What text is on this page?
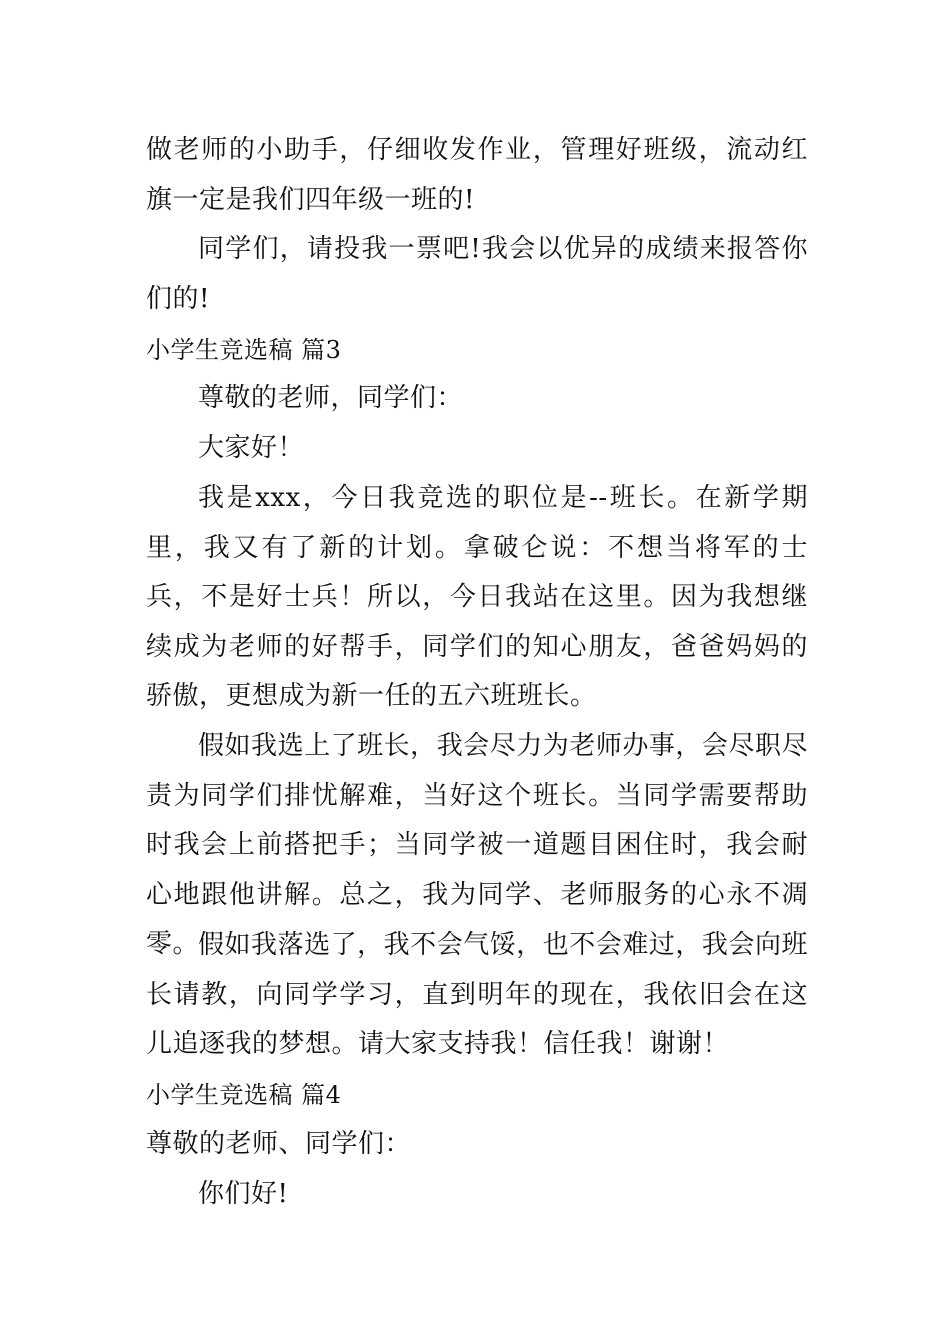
做老师的小助手，仔细收发作业，管理好班级，流动红旗一定是我们四年级一班的!

同学们，请投我一票吧!我会以优异的成绩来报答你们的!

小学生竞选稿 篇3

尊敬的老师，同学们：

大家好！

我是xxx，今日我竞选的职位是--班长。在新学期里，我又有了新的计划。拿破仑说：不想当将军的士兵，不是好士兵！所以，今日我站在这里。因为我想继续成为老师的好帮手，同学们的知心朋友，爸爸妈妈的骄傲，更想成为新一任的五六班班长。

假如我选上了班长，我会尽力为老师办事，会尽职尽责为同学们排忧解难，当好这个班长。当同学需要帮助时我会上前搭把手；当同学被一道题目困住时，我会耐心地跟他讲解。总之，我为同学、老师服务的心永不凋零。

假如我落选了，我不会气馁，也不会难过，我会向班长请教，向同学学习，直到明年的现在，我依旧会在这儿追逐我的梦想。请大家支持我！信任我！谢谢！

小学生竞选稿 篇4

尊敬的老师、同学们：

你们好!
